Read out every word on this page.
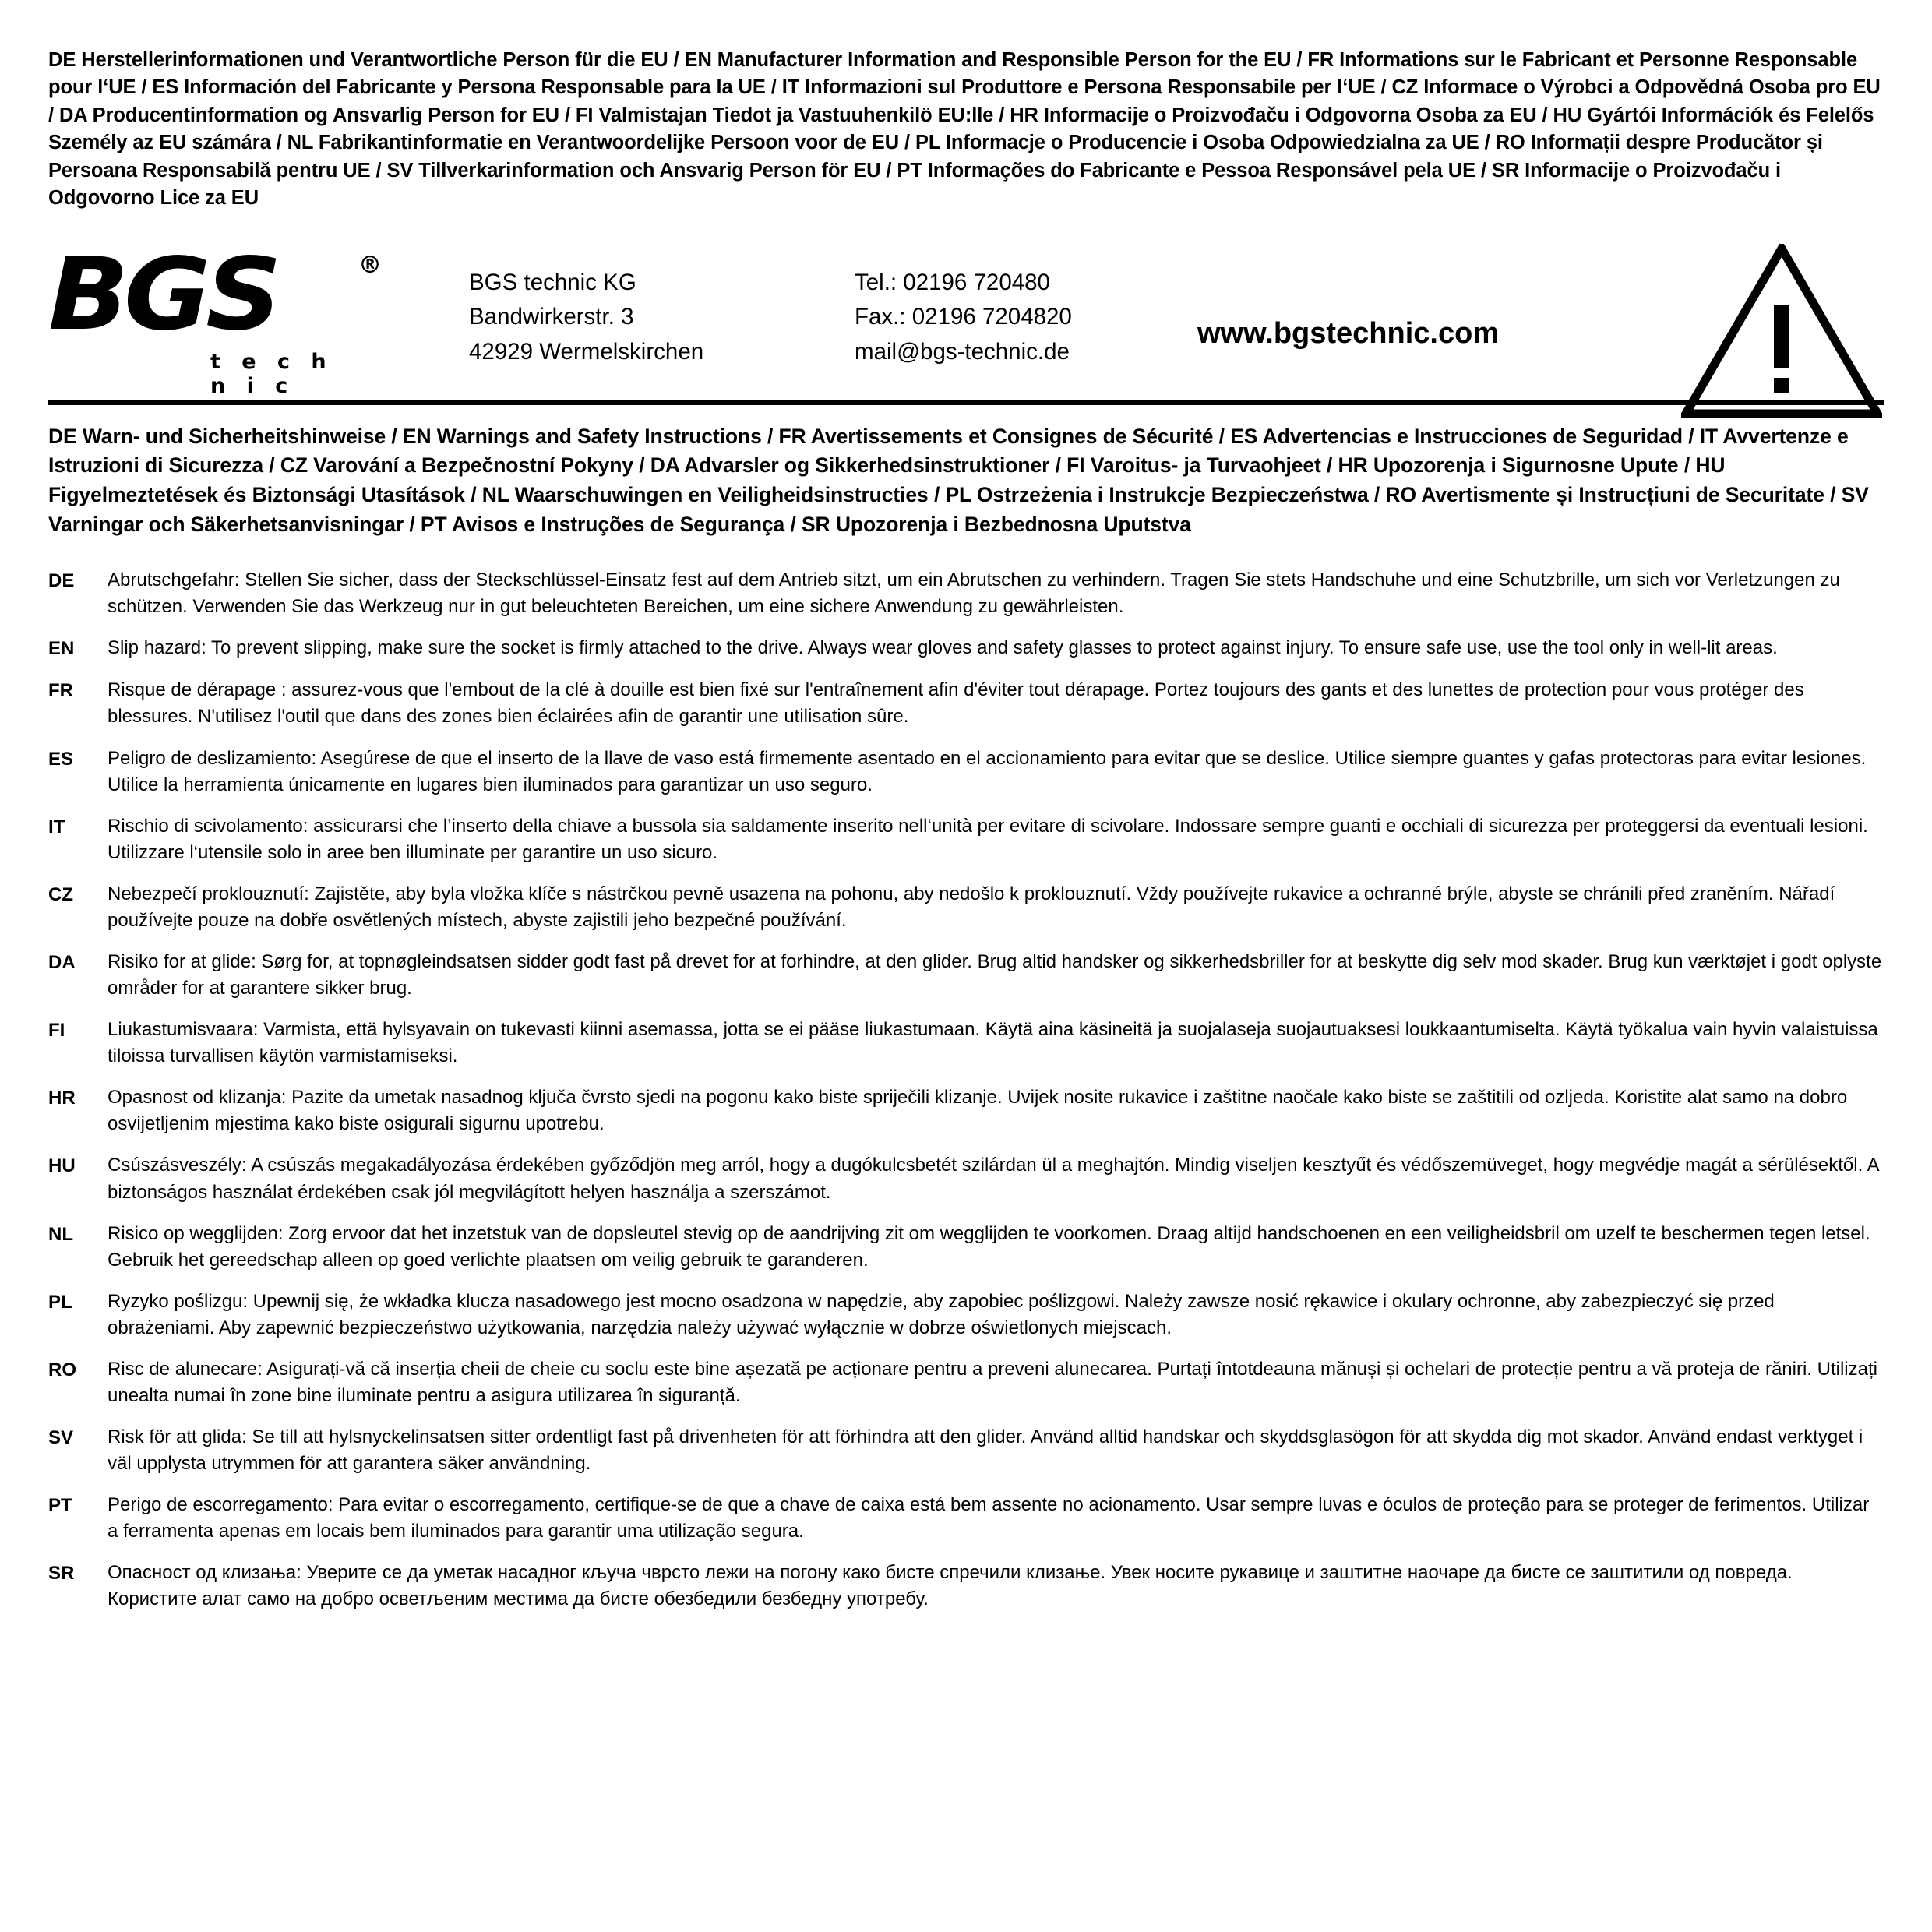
DE Herstellerinformationen und Verantwortliche Person für die EU / EN Manufacturer Information and Responsible Person for the EU / FR Informations sur le Fabricant et Personne Responsable pour l‘UE / ES Información del Fabricante y Persona Responsable para la UE / IT Informazioni sul Produttore e Persona Responsabile per l‘UE / CZ Informace o Výrobci a Odpovědná Osoba pro EU / DA Producentinformation og Ansvarlig Person for EU / FI Valmistajan Tiedot ja Vastuuhenkilö EU:lle / HR Informacije o Proizvođaču i Odgovorna Osoba za EU / HU Gyártói Információk és Felelős Személy az EU számára / NL Fabrikantinformatie en Verantwoordelijke Persoon voor de EU / PL Informacje o Producencie i Osoba Odpowiedzialna za UE / RO Informații despre Producător și Persoana Responsabilă pentru UE / SV Tillverkarinformation och Ansvarig Person för EU / PT Informações do Fabricante e Pessoa Responsável pela UE / SR Informacije o Proizvođaču i Odgovorno Lice za EU
BGS	®
t e c h n i c
BGS technic KG
Bandwirkerstr. 3
42929 Wermelskirchen
Tel.: 02196 720480
Fax.: 02196 7204820
mail@bgs-technic.de
www.bgstechnic.com
DE Warn- und Sicherheitshinweise / EN Warnings and Safety Instructions / FR Avertissements et Consignes de Sécurité / ES Advertencias e Instrucciones de Seguridad / IT Avvertenze e Istruzioni di Sicurezza / CZ Varování a Bezpečnostní Pokyny / DA Advarsler og Sikkerhedsinstruktioner / FI Varoitus- ja Turvaohjeet / HR Upozorenja i Sigurnosne Upute / HU Figyelmeztetések és Biztonsági Utasítások / NL Waarschuwingen en Veiligheidsinstructies / PL Ostrzeżenia i Instrukcje Bezpieczeństwa / RO Avertismente și Instrucțiuni de Securitate / SV Varningar och Säkerhetsanvisningar / PT Avisos e Instruções de Segurança / SR Upozorenja i Bezbednosna Uputstva
DE	Abrutschgefahr: Stellen Sie sicher, dass der Steckschlüssel-Einsatz fest auf dem Antrieb sitzt, um ein Abrutschen zu verhindern. Tragen Sie stets Handschuhe und eine Schutzbrille, um sich vor Verletzungen zu schützen. Verwenden Sie das Werkzeug nur in gut beleuchteten Bereichen, um eine sichere Anwendung zu gewährleisten.
EN	Slip hazard: To prevent slipping, make sure the socket is firmly attached to the drive. Always wear gloves and safety glasses to protect against injury. To ensure safe use, use the tool only in well-lit areas.
FR	Risque de dérapage : assurez-vous que l'embout de la clé à douille est bien fixé sur l'entraînement afin d'éviter tout dérapage. Portez toujours des gants et des lunettes de protection pour vous protéger des blessures. N'utilisez l'outil que dans des zones bien éclairées afin de garantir une utilisation sûre.
ES	Peligro de deslizamiento: Asegúrese de que el inserto de la llave de vaso está firmemente asentado en el accionamiento para evitar que se deslice. Utilice siempre guantes y gafas protectoras para evitar lesiones. Utilice la herramienta únicamente en lugares bien iluminados para garantizar un uso seguro.
IT	Rischio di scivolamento: assicurarsi che l’inserto della chiave a bussola sia saldamente inserito nell‘unità per evitare di scivolare. Indossare sempre guanti e occhiali di sicurezza per proteggersi da eventuali lesioni. Utilizzare l‘utensile solo in aree ben illuminate per garantire un uso sicuro.
CZ	Nebezpečí proklouznutí: Zajistěte, aby byla vložka klíče s nástrčkou pevně usazena na pohonu, aby nedošlo k proklouznutí. Vždy používejte rukavice a ochranné brýle, abyste se chránili před zraněním. Nářadí používejte pouze na dobře osvětlených místech, abyste zajistili jeho bezpečné používání.
DA	Risiko for at glide: Sørg for, at topnøgleindsatsen sidder godt fast på drevet for at forhindre, at den glider. Brug altid handsker og sikkerhedsbriller for at beskytte dig selv mod skader. Brug kun værktøjet i godt oplyste områder for at garantere sikker brug.
FI	Liukastumisvaara: Varmista, että hylsyavain on tukevasti kiinni asemassa, jotta se ei pääse liukastumaan. Käytä aina käsineitä ja suojalaseja suojautuaksesi loukkaantumiselta. Käytä työkalua vain hyvin valaistuissa tiloissa turvallisen käytön varmistamiseksi.
HR	Opasnost od klizanja: Pazite da umetak nasadnog ključa čvrsto sjedi na pogonu kako biste spriječili klizanje. Uvijek nosite rukavice i zaštitne naočale kako biste se zaštitili od ozljeda. Koristite alat samo na dobro osvijetljenim mjestima kako biste osigurali sigurnu upotrebu.
HU	Csúszásveszély: A csúszás megakadályozása érdekében győződjön meg arról, hogy a dugókulcsbetét szilárdan ül a meghajtón. Mindig viseljen kesztyűt és védőszemüveget, hogy megvédje magát a sérülésektől. A biztonságos használat érdekében csak jól megvilágított helyen használja a szerszámot.
NL	Risico op wegglijden: Zorg ervoor dat het inzetstuk van de dopsleutel stevig op de aandrijving zit om wegglijden te voorkomen. Draag altijd handschoenen en een veiligheidsbril om uzelf te beschermen tegen letsel. Gebruik het gereedschap alleen op goed verlichte plaatsen om veilig gebruik te garanderen.
PL	Ryzyko poślizgu: Upewnij się, że wkładka klucza nasadowego jest mocno osadzona w napędzie, aby zapobiec poślizgowi. Należy zawsze nosić rękawice i okulary ochronne, aby zabezpieczyć się przed obrażeniami. Aby zapewnić bezpieczeństwo użytkowania, narzędzia należy używać wyłącznie w dobrze oświetlonych miejscach.
RO	Risc de alunecare: Asigurați-vă că inserția cheii de cheie cu soclu este bine așezată pe acționare pentru a preveni alunecarea. Purtați întotdeauna mănuși și ochelari de protecție pentru a vă proteja de răniri. Utilizați unealta numai în zone bine iluminate pentru a asigura utilizarea în siguranță.
SV	Risk för att glida: Se till att hylsnyckelinsatsen sitter ordentligt fast på drivenheten för att förhindra att den glider. Använd alltid handskar och skyddsglasögon för att skydda dig mot skador. Använd endast verktyget i väl upplysta utrymmen för att garantera säker användning.
PT	Perigo de escorregamento: Para evitar o escorregamento, certifique-se de que a chave de caixa está bem assente no acionamento. Usar sempre luvas e óculos de proteção para se proteger de ferimentos. Utilizar a ferramenta apenas em locais bem iluminados para garantir uma utilização segura.
SR	Опасност од клизања: Уверите се да уметак насадног кључа чврсто лежи на погону како бисте спречили клизање. Увек носите рукавице и заштитне наочаре да бисте се заштитили од повреда. Користите алат само на добро осветљеним местима да бисте обезбедили безбедну употребу.
